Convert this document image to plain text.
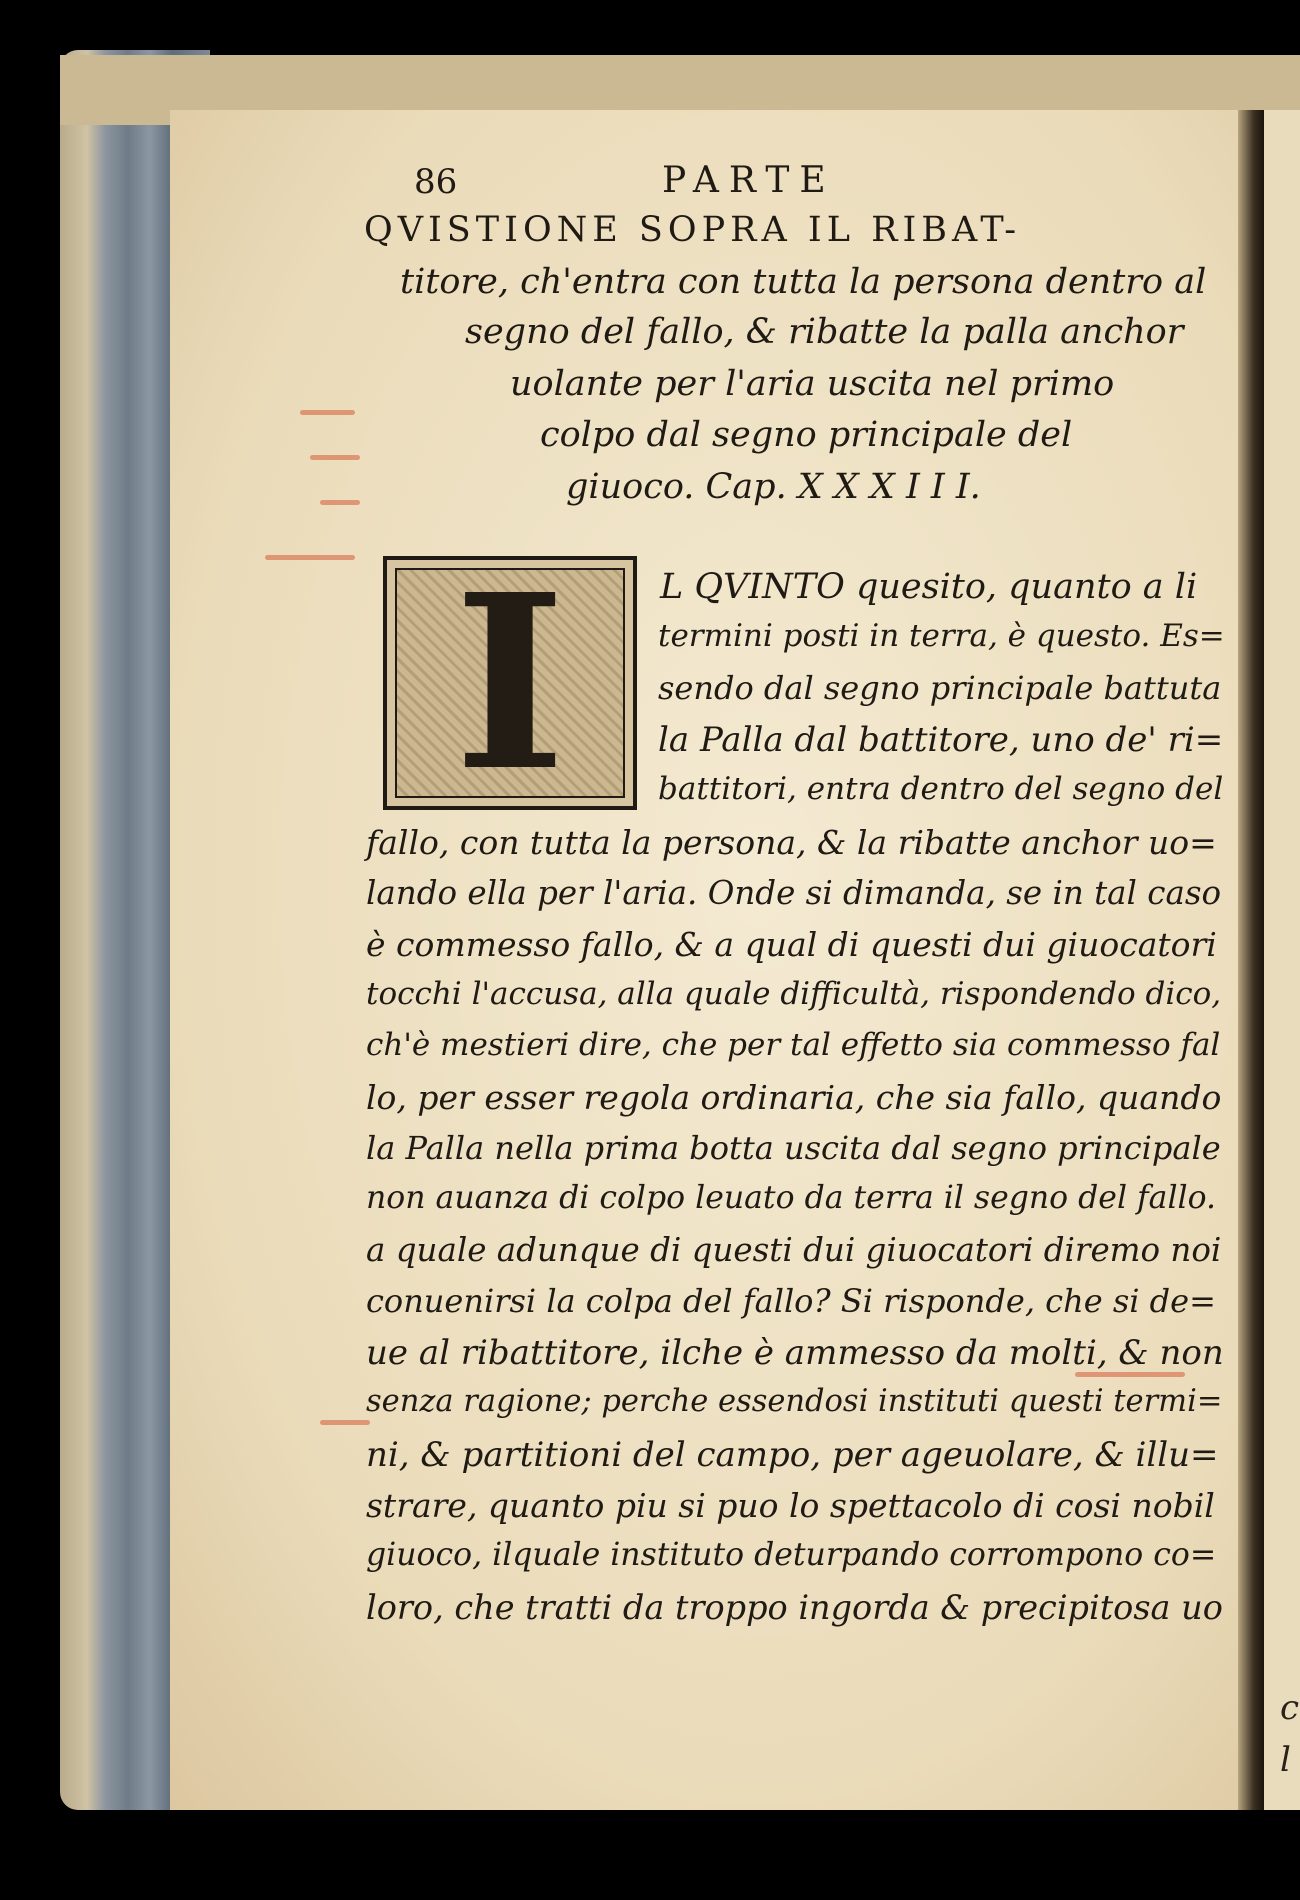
c
l
86	PARTE
QVISTIONE SOPRA IL RIBAT-
titore, ch'entra con tutta la persona dentro al
segno del fallo, & ribatte la palla anchor
uolante per l'aria uscita nel primo
colpo dal segno principale del
giuoco. Cap. X X X I I I.
I	L QVINTO quesito, quanto a li
termini posti in terra, è questo. Es=
sendo dal segno principale battuta
la Palla dal battitore, uno de' ri=
battitori, entra dentro del segno del
fallo, con tutta la persona, & la ribatte anchor uo=
lando ella per l'aria. Onde si dimanda, se in tal caso
è commesso fallo, & a qual di questi dui giuocatori
tocchi l'accusa, alla quale difficultà, rispondendo dico,
ch'è mestieri dire, che per tal effetto sia commesso fal
lo, per esser regola ordinaria, che sia fallo, quando
la Palla nella prima botta uscita dal segno principale
non auanza di colpo leuato da terra il segno del fallo.
a quale adunque di questi dui giuocatori diremo noi
conuenirsi la colpa del fallo? Si risponde, che si de=
ue al ribattitore, ilche è ammesso da molti, & non
senza ragione; perche essendosi instituti questi termi=
ni, & partitioni del campo, per ageuolare, & illu=
strare, quanto piu si puo lo spettacolo di cosi nobil
giuoco, ilquale instituto deturpando corrompono co=
loro, che tratti da troppo ingorda & precipitosa uo
